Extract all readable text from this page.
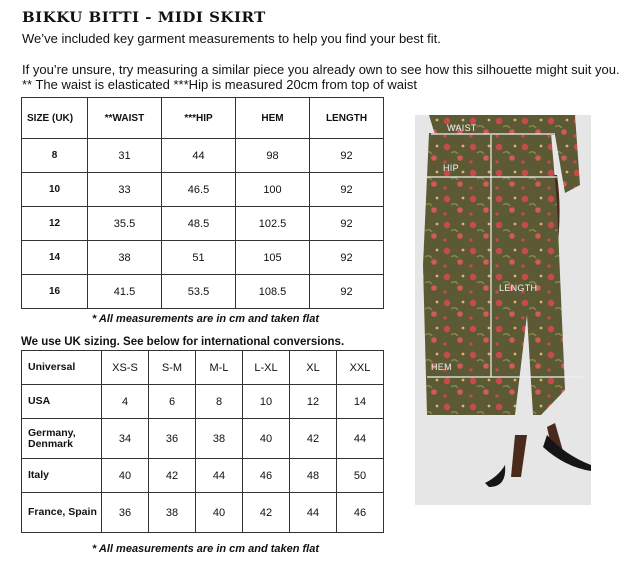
BIKKU BITTI - MIDI SKIRT
We’ve included key garment measurements to help you find your best fit.
If you’re unsure, try measuring a similar piece you already own to see how this silhouette might suit you. ** The waist is elasticated ***Hip is measured 20cm from top of waist
SIZE (UK)	**WAIST	***HIP	HEM	LENGTH
8	31	44	98	92
10	33	46.5	100	92
12	35.5	48.5	102.5	92
14	38	51	105	92
16	41.5	53.5	108.5	92
* All measurements are in cm and taken flat
We use UK sizing. See below for international conversions.
Universal	XS-S	S-M	M-L	L-XL	XL	XXL
USA	4	6	8	10	12	14
Germany, Denmark	34	36	38	40	42	44
Italy	40	42	44	46	48	50
France, Spain	36	38	40	42	44	46
* All measurements are in cm and taken flat
WAIST
HIP
LENGTH
HEM
